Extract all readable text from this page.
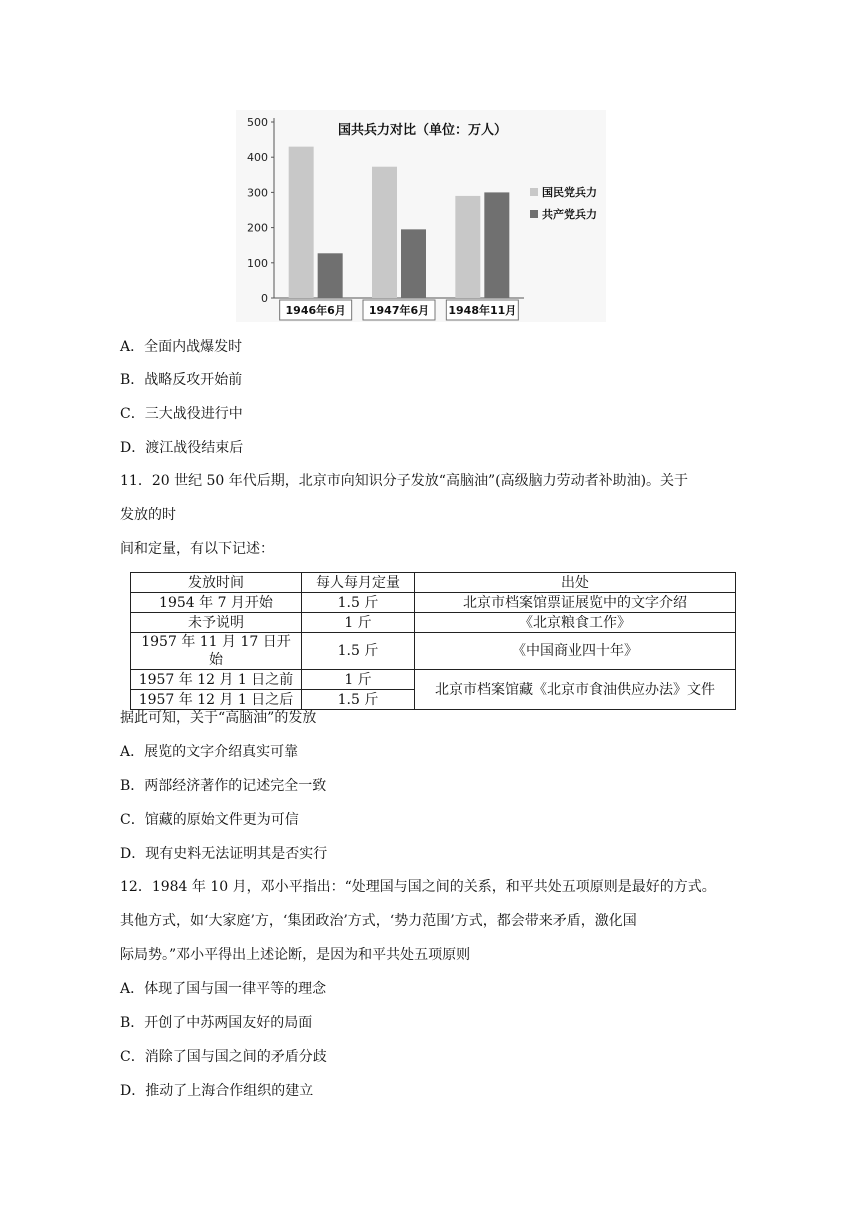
国共兵力对比（单位：万人）
0
100
200
300
400
500
1946年6月 1947年6月 1948年11月
国民党兵力
共产党兵力
A．全面内战爆发时
B．战略反攻开始前
C．三大战役进行中
D．渡江战役结束后
11．20 世纪 50 年代后期，北京市向知识分子发放“高脑油”(高级脑力劳动者补助油)。关于
发放的时
间和定量，有以下记述：
发放时间	每人每月定量	出处
1954 年 7 月开始	1.5 斤	北京市档案馆票证展览中的文字介绍
未予说明	1 斤	《北京粮食工作》
1957 年 11 月 17 日开始	1.5 斤	《中国商业四十年》
1957 年 12 月 1 日之前	1 斤	北京市档案馆藏《北京市食油供应办法》文件
1957 年 12 月 1 日之后	1.5 斤	
据此可知，关于“高脑油”的发放
A．展览的文字介绍真实可靠
B．两部经济著作的记述完全一致
C．馆藏的原始文件更为可信
D．现有史料无法证明其是否实行
12．1984 年 10 月，邓小平指出：“处理国与国之间的关系，和平共处五项原则是最好的方式。
其他方式，如‘大家庭’方，‘集团政治’方式，‘势力范围’方式，都会带来矛盾，激化国
际局势。”邓小平得出上述论断，是因为和平共处五项原则
A．体现了国与国一律平等的理念
B．开创了中苏两国友好的局面
C．消除了国与国之间的矛盾分歧
D．推动了上海合作组织的建立
